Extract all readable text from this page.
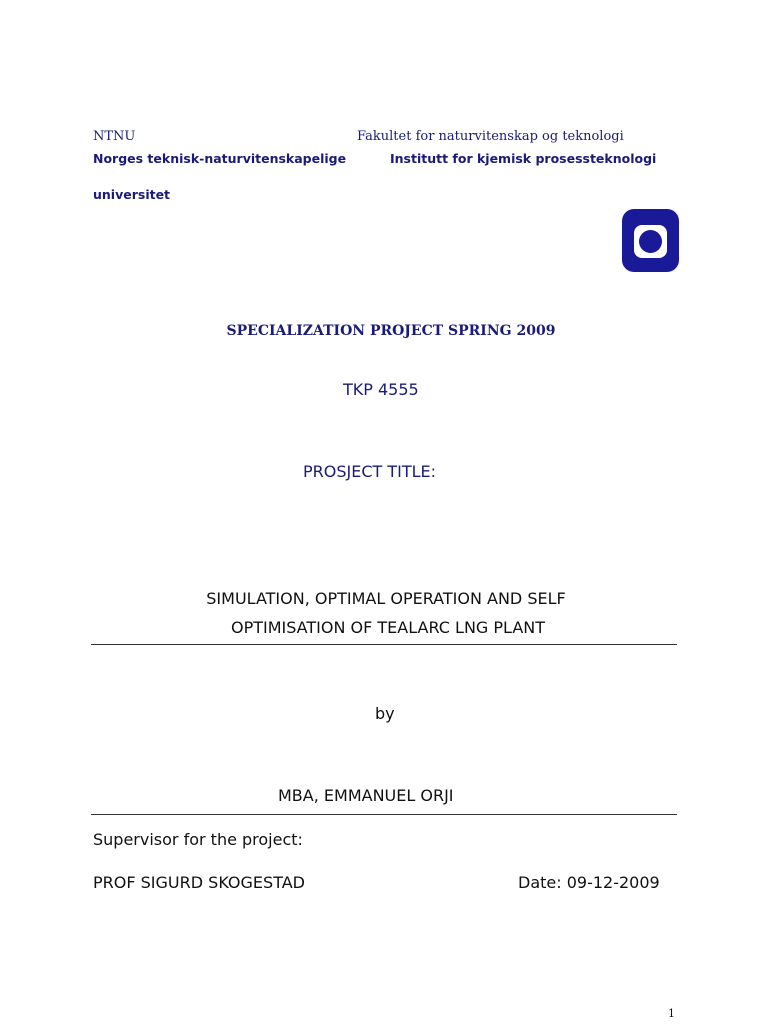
NTNU
Norges teknisk-naturvitenskapelige
universitet
Fakultet for naturvitenskap og teknologi
Institutt for kjemisk prosessteknologi
SPECIALIZATION PROJECT SPRING 2009
TKP 4555
PROSJECT TITLE:
SIMULATION, OPTIMAL OPERATION AND SELF
OPTIMISATION OF TEALARC LNG PLANT
by
MBA, EMMANUEL ORJI
Supervisor for the project:
PROF SIGURD SKOGESTAD	Date: 09-12-2009
1
